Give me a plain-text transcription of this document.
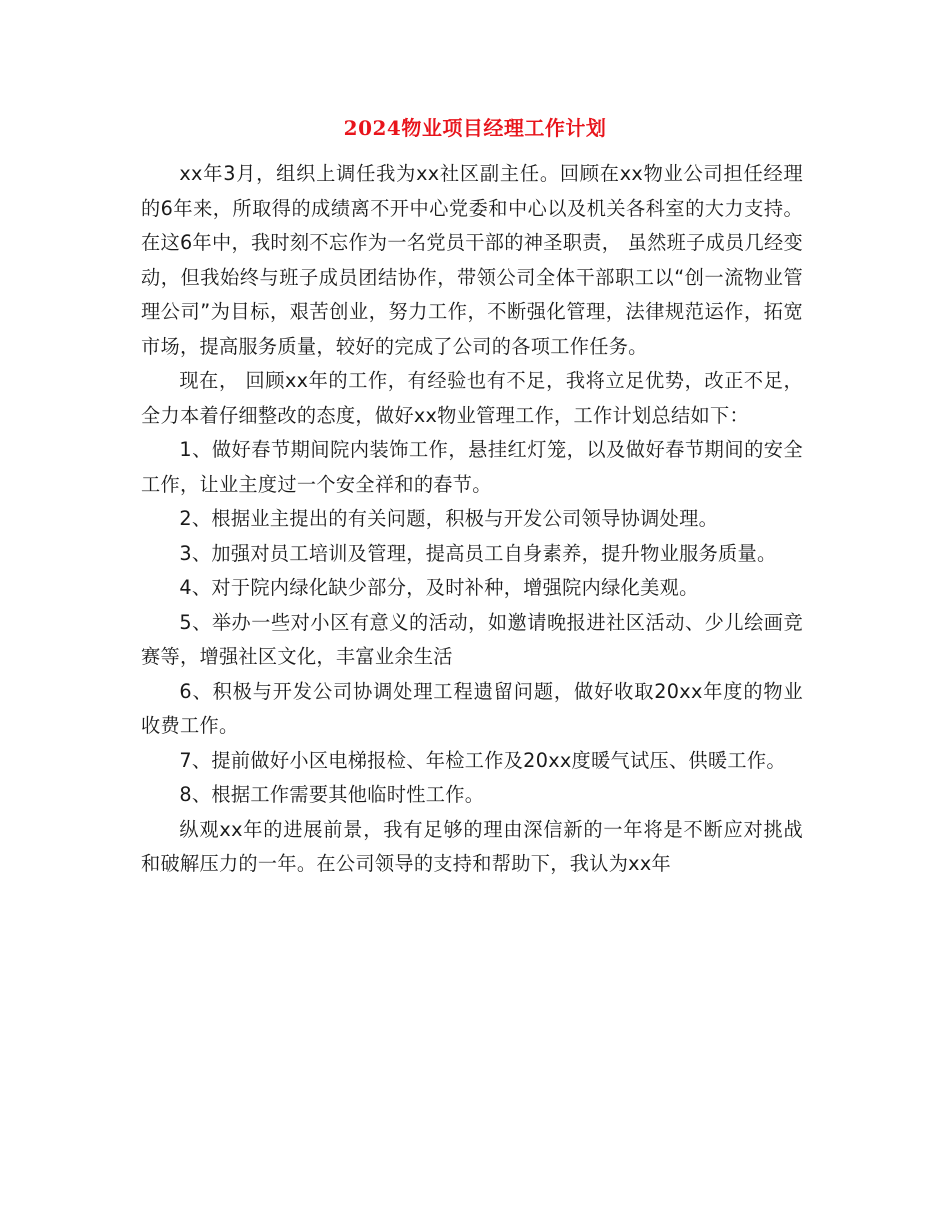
2024物业项目经理工作计划

xx年3月，组织上调任我为xx社区副主任。回顾在xx物业公司担任经理的6年来，所取得的成绩离不开中心党委和中心以及机关各科室的大力支持。在这6年中，我时刻不忘作为一名党员干部的神圣职责， 虽然班子成员几经变动，但我始终与班子成员团结协作，带领公司全体干部职工以“创一流物业管理公司”为目标，艰苦创业，努力工作，不断强化管理，法律规范运作，拓宽市场，提高服务质量，较好的完成了公司的各项工作任务。

现在， 回顾xx年的工作，有经验也有不足，我将立足优势，改正不足，全力本着仔细整改的态度，做好xx物业管理工作，工作计划总结如下：

1、做好春节期间院内装饰工作，悬挂红灯笼，以及做好春节期间的安全工作，让业主度过一个安全祥和的春节。

2、根据业主提出的有关问题，积极与开发公司领导协调处理。

3、加强对员工培训及管理，提高员工自身素养，提升物业服务质量。

4、对于院内绿化缺少部分，及时补种，增强院内绿化美观。

5、举办一些对小区有意义的活动，如邀请晚报进社区活动、少儿绘画竞赛等，增强社区文化，丰富业余生活

6、积极与开发公司协调处理工程遗留问题，做好收取20xx年度的物业收费工作。

7、提前做好小区电梯报检、年检工作及20xx度暖气试压、供暖工作。

8、根据工作需要其他临时性工作。

纵观xx年的进展前景，我有足够的理由深信新的一年将是不断应对挑战和破解压力的一年。在公司领导的支持和帮助下，我认为xx年
